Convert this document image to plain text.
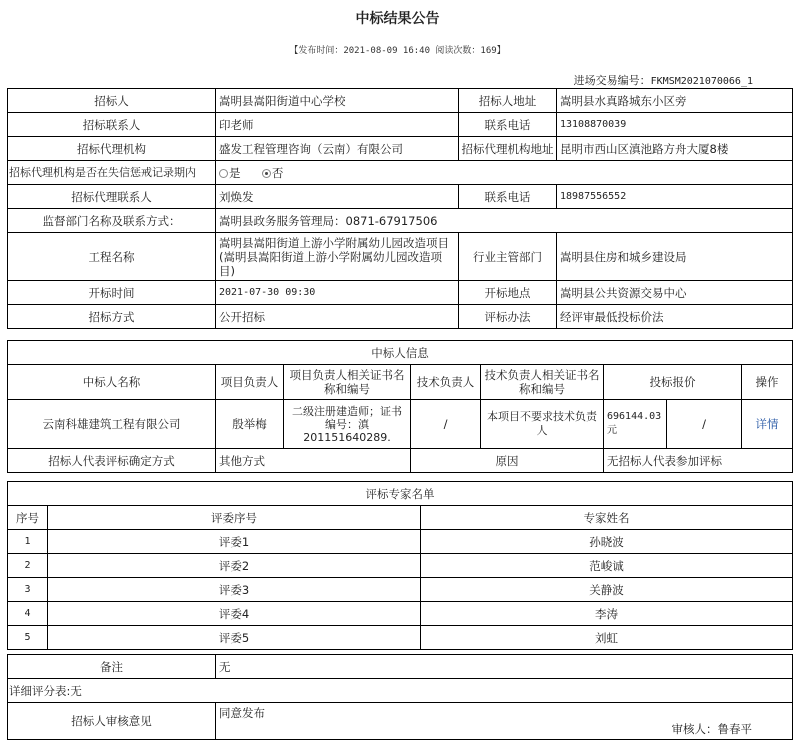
中标结果公告
【发布时间：2021-08-09 16:40 阅读次数：169】
进场交易编号：FKMSM2021070066_1
招标人	嵩明县嵩阳街道中心学校	招标人地址	嵩明县水真路城东小区旁
招标联系人	印老师	联系电话	13108870039
招标代理机构	盛发工程管理咨询（云南）有限公司	招标代理机构地址	昆明市西山区滇池路方舟大厦8楼
招标代理机构是否在失信惩戒记录期内	是 否		
招标代理联系人	刘焕发	联系电话	18987556552
监督部门名称及联系方式：	嵩明县政务服务管理局：0871-67917506		
工程名称	嵩明县嵩阳街道上游小学附属幼儿园改造项目(嵩明县嵩阳街道上游小学附属幼儿园改造项目)	行业主管部门	嵩明县住房和城乡建设局
开标时间	2021-07-30 09:30	开标地点	嵩明县公共资源交易中心
招标方式	公开招标	评标办法	经评审最低投标价法
中标人信息							
中标人名称	项目负责人	项目负责人相关证书名称和编号	技术负责人	技术负责人相关证书名称和编号	投标报价		操作
云南科雄建筑工程有限公司	殷举梅	二级注册建造师；证书编号：滇201151640289.	/	本项目不要求技术负责人	696144.03元	/	详情
招标人代表评标确定方式	其他方式		原因		无招标人代表参加评标		
评标专家名单		
序号	评委序号	专家姓名
1	评委1	孙晓波
2	评委2	范峻诚
3	评委3	关静波
4	评委4	李涛
5	评委5	刘虹
备注	无
详细评分表:无	
招标人审核意见	同意发布
审核人：鲁春平
